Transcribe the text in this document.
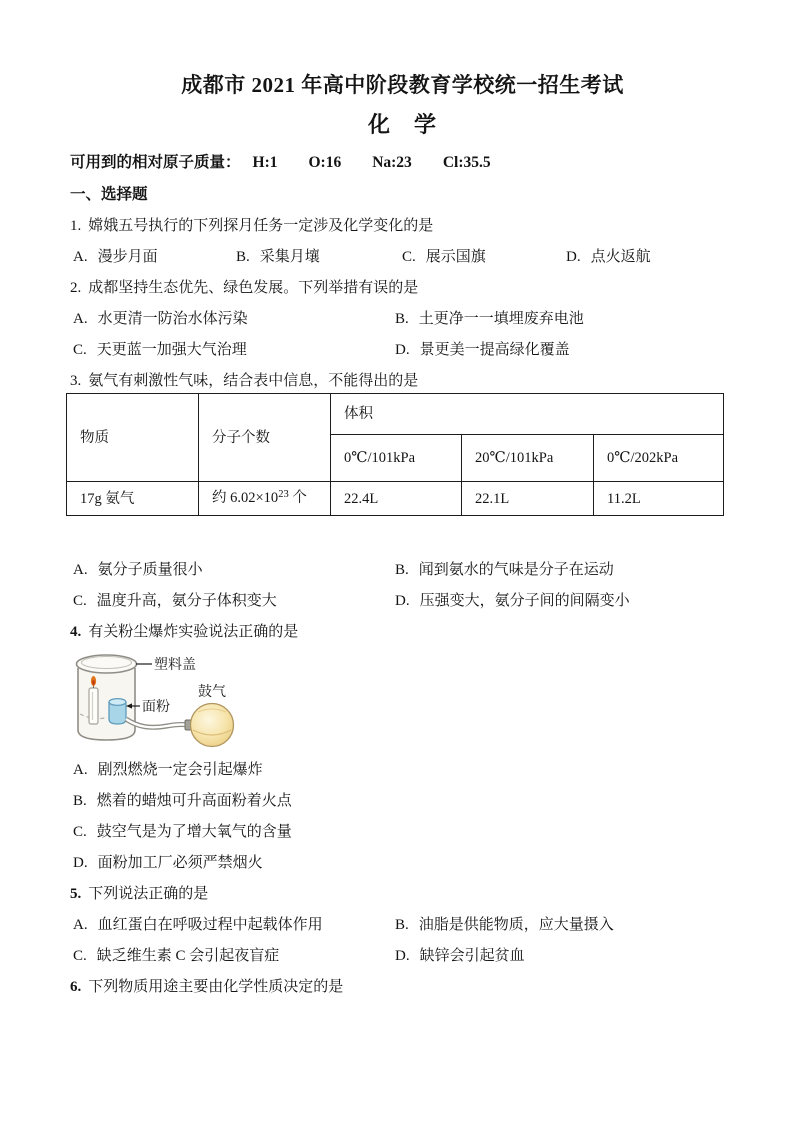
成都市 2021 年高中阶段教育学校统一招生考试
化　学
可用到的相对原子质量： H:1 O:16 Na:23 Cl:35.5
一、选择题
1. 嫦娥五号执行的下列探月任务一定涉及化学变化的是
A. 漫步月面	B. 采集月壤	C. 展示国旗	D. 点火返航
2. 成都坚持生态优先、绿色发展。下列举措有误的是
A. 水更清一防治水体污染	B. 土更净一一填埋废弃电池
C. 天更蓝一加强大气治理	D. 景更美一提高绿化覆盖
3. 氨气有刺激性气味，结合表中信息，不能得出的是
物质	分子个数	体积		
		0℃/101kPa	20℃/101kPa	0℃/202kPa
17g 氨气	约 $6.02\times 10^{23}$ 个	22.4L	22.1L	11.2L
A. 氨分子质量很小	B. 闻到氨水的气味是分子在运动
C. 温度升高，氨分子体积变大	D. 压强变大，氨分子间的间隔变小
4. 有关粉尘爆炸实验说法正确的是
塑料盖
面粉
鼓气
A. 剧烈燃烧一定会引起爆炸
B. 燃着的蜡烛可升高面粉着火点
C. 鼓空气是为了增大氧气的含量
D. 面粉加工厂必须严禁烟火
5. 下列说法正确的是
A. 血红蛋白在呼吸过程中起载体作用	B. 油脂是供能物质，应大量摄入
C. 缺乏维生素 C 会引起夜盲症	D. 缺锌会引起贫血
6. 下列物质用途主要由化学性质决定的是
